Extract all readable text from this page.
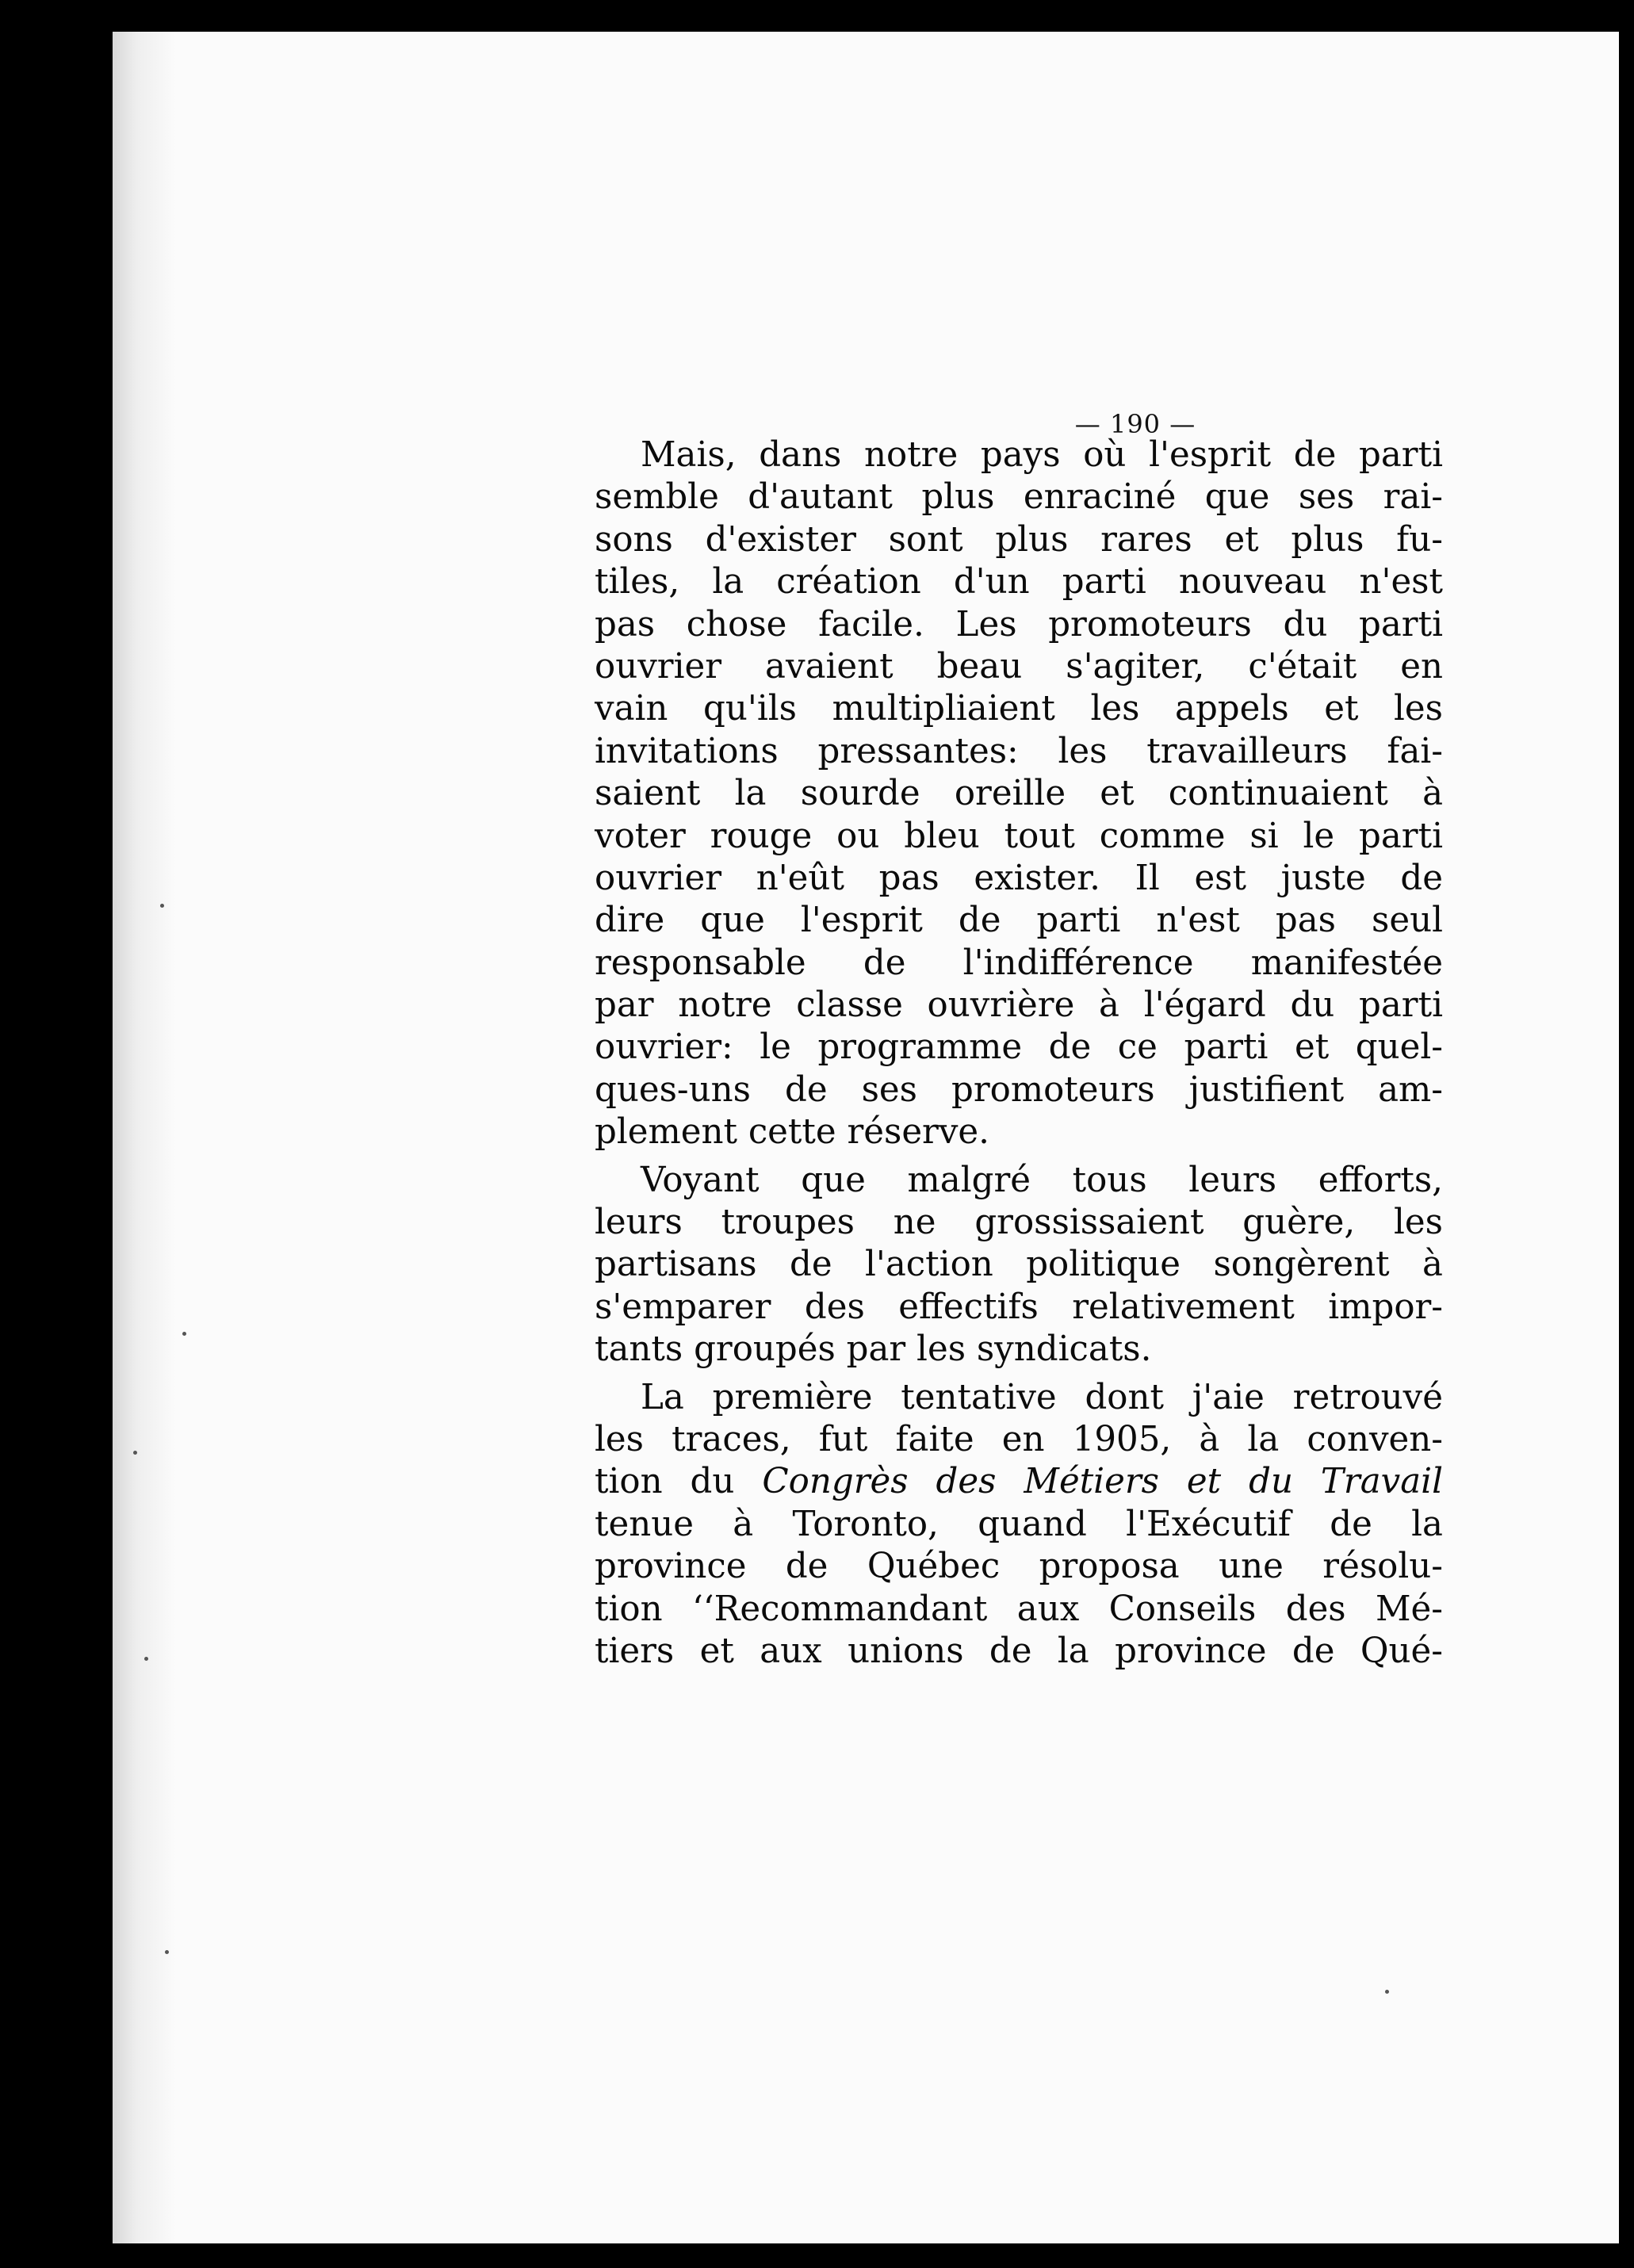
— 190 —
Mais, dans notre pays où l'esprit de parti
semble d'autant plus enraciné que ses rai-
sons d'exister sont plus rares et plus fu-
tiles, la création d'un parti nouveau n'est
pas chose facile. Les promoteurs du parti
ouvrier avaient beau s'agiter, c'était en
vain qu'ils multipliaient les appels et les
invitations pressantes: les travailleurs fai-
saient la sourde oreille et continuaient à
voter rouge ou bleu tout comme si le parti
ouvrier n'eût pas exister. Il est juste de
dire que l'esprit de parti n'est pas seul
responsable de l'indifférence manifestée
par notre classe ouvrière à l'égard du parti
ouvrier: le programme de ce parti et quel-
ques-uns de ses promoteurs justifient am-
plement cette réserve.
Voyant que malgré tous leurs efforts,
leurs troupes ne grossissaient guère, les
partisans de l'action politique songèrent à
s'emparer des effectifs relativement impor-
tants groupés par les syndicats.
La première tentative dont j'aie retrouvé
les traces, fut faite en 1905, à la conven-
tion du Congrès des Métiers et du Travail
tenue à Toronto, quand l'Exécutif de la
province de Québec proposa une résolu-
tion ‘‘Recommandant aux Conseils des Mé-
tiers et aux unions de la province de Qué-
